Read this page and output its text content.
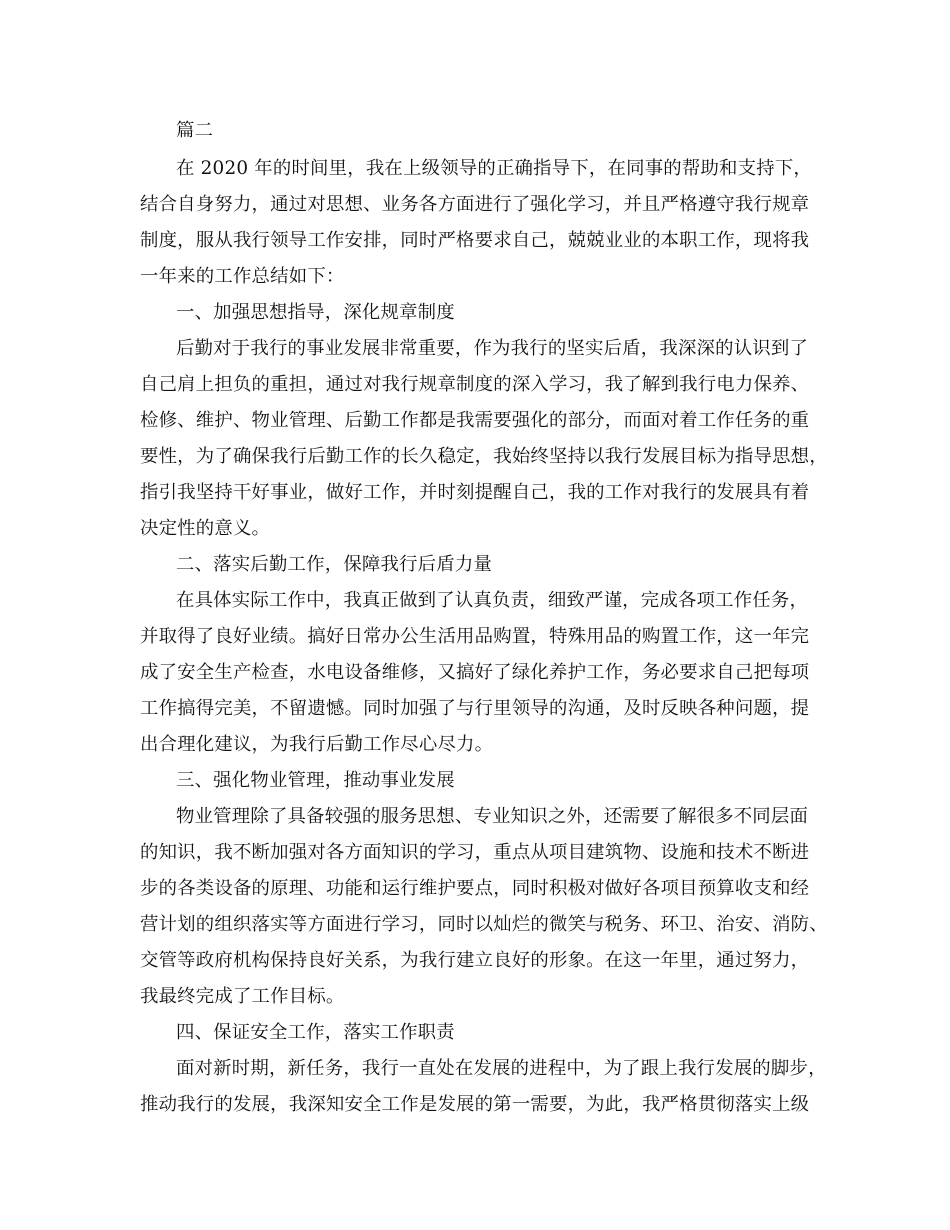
篇二
在 2020 年的时间里，我在上级领导的正确指导下，在同事的帮助和支持下，
结合自身努力，通过对思想、业务各方面进行了强化学习，并且严格遵守我行规章
制度，服从我行领导工作安排，同时严格要求自己，兢兢业业的本职工作，现将我
一年来的工作总结如下：
一、加强思想指导，深化规章制度
后勤对于我行的事业发展非常重要，作为我行的坚实后盾，我深深的认识到了
自己肩上担负的重担，通过对我行规章制度的深入学习，我了解到我行电力保养、
检修、维护、物业管理、后勤工作都是我需要强化的部分，而面对着工作任务的重
要性，为了确保我行后勤工作的长久稳定，我始终坚持以我行发展目标为指导思想，
指引我坚持干好事业，做好工作，并时刻提醒自己，我的工作对我行的发展具有着
决定性的意义。
二、落实后勤工作，保障我行后盾力量
在具体实际工作中，我真正做到了认真负责，细致严谨，完成各项工作任务，
并取得了良好业绩。搞好日常办公生活用品购置，特殊用品的购置工作，这一年完
成了安全生产检查，水电设备维修，又搞好了绿化养护工作，务必要求自己把每项
工作搞得完美，不留遗憾。同时加强了与行里领导的沟通，及时反映各种问题，提
出合理化建议，为我行后勤工作尽心尽力。
三、强化物业管理，推动事业发展
物业管理除了具备较强的服务思想、专业知识之外，还需要了解很多不同层面
的知识，我不断加强对各方面知识的学习，重点从项目建筑物、设施和技术不断进
步的各类设备的原理、功能和运行维护要点，同时积极对做好各项目预算收支和经
营计划的组织落实等方面进行学习，同时以灿烂的微笑与税务、环卫、治安、消防、
交管等政府机构保持良好关系，为我行建立良好的形象。在这一年里，通过努力，
我最终完成了工作目标。
四、保证安全工作，落实工作职责
面对新时期，新任务，我行一直处在发展的进程中，为了跟上我行发展的脚步，
推动我行的发展，我深知安全工作是发展的第一需要，为此，我严格贯彻落实上级
